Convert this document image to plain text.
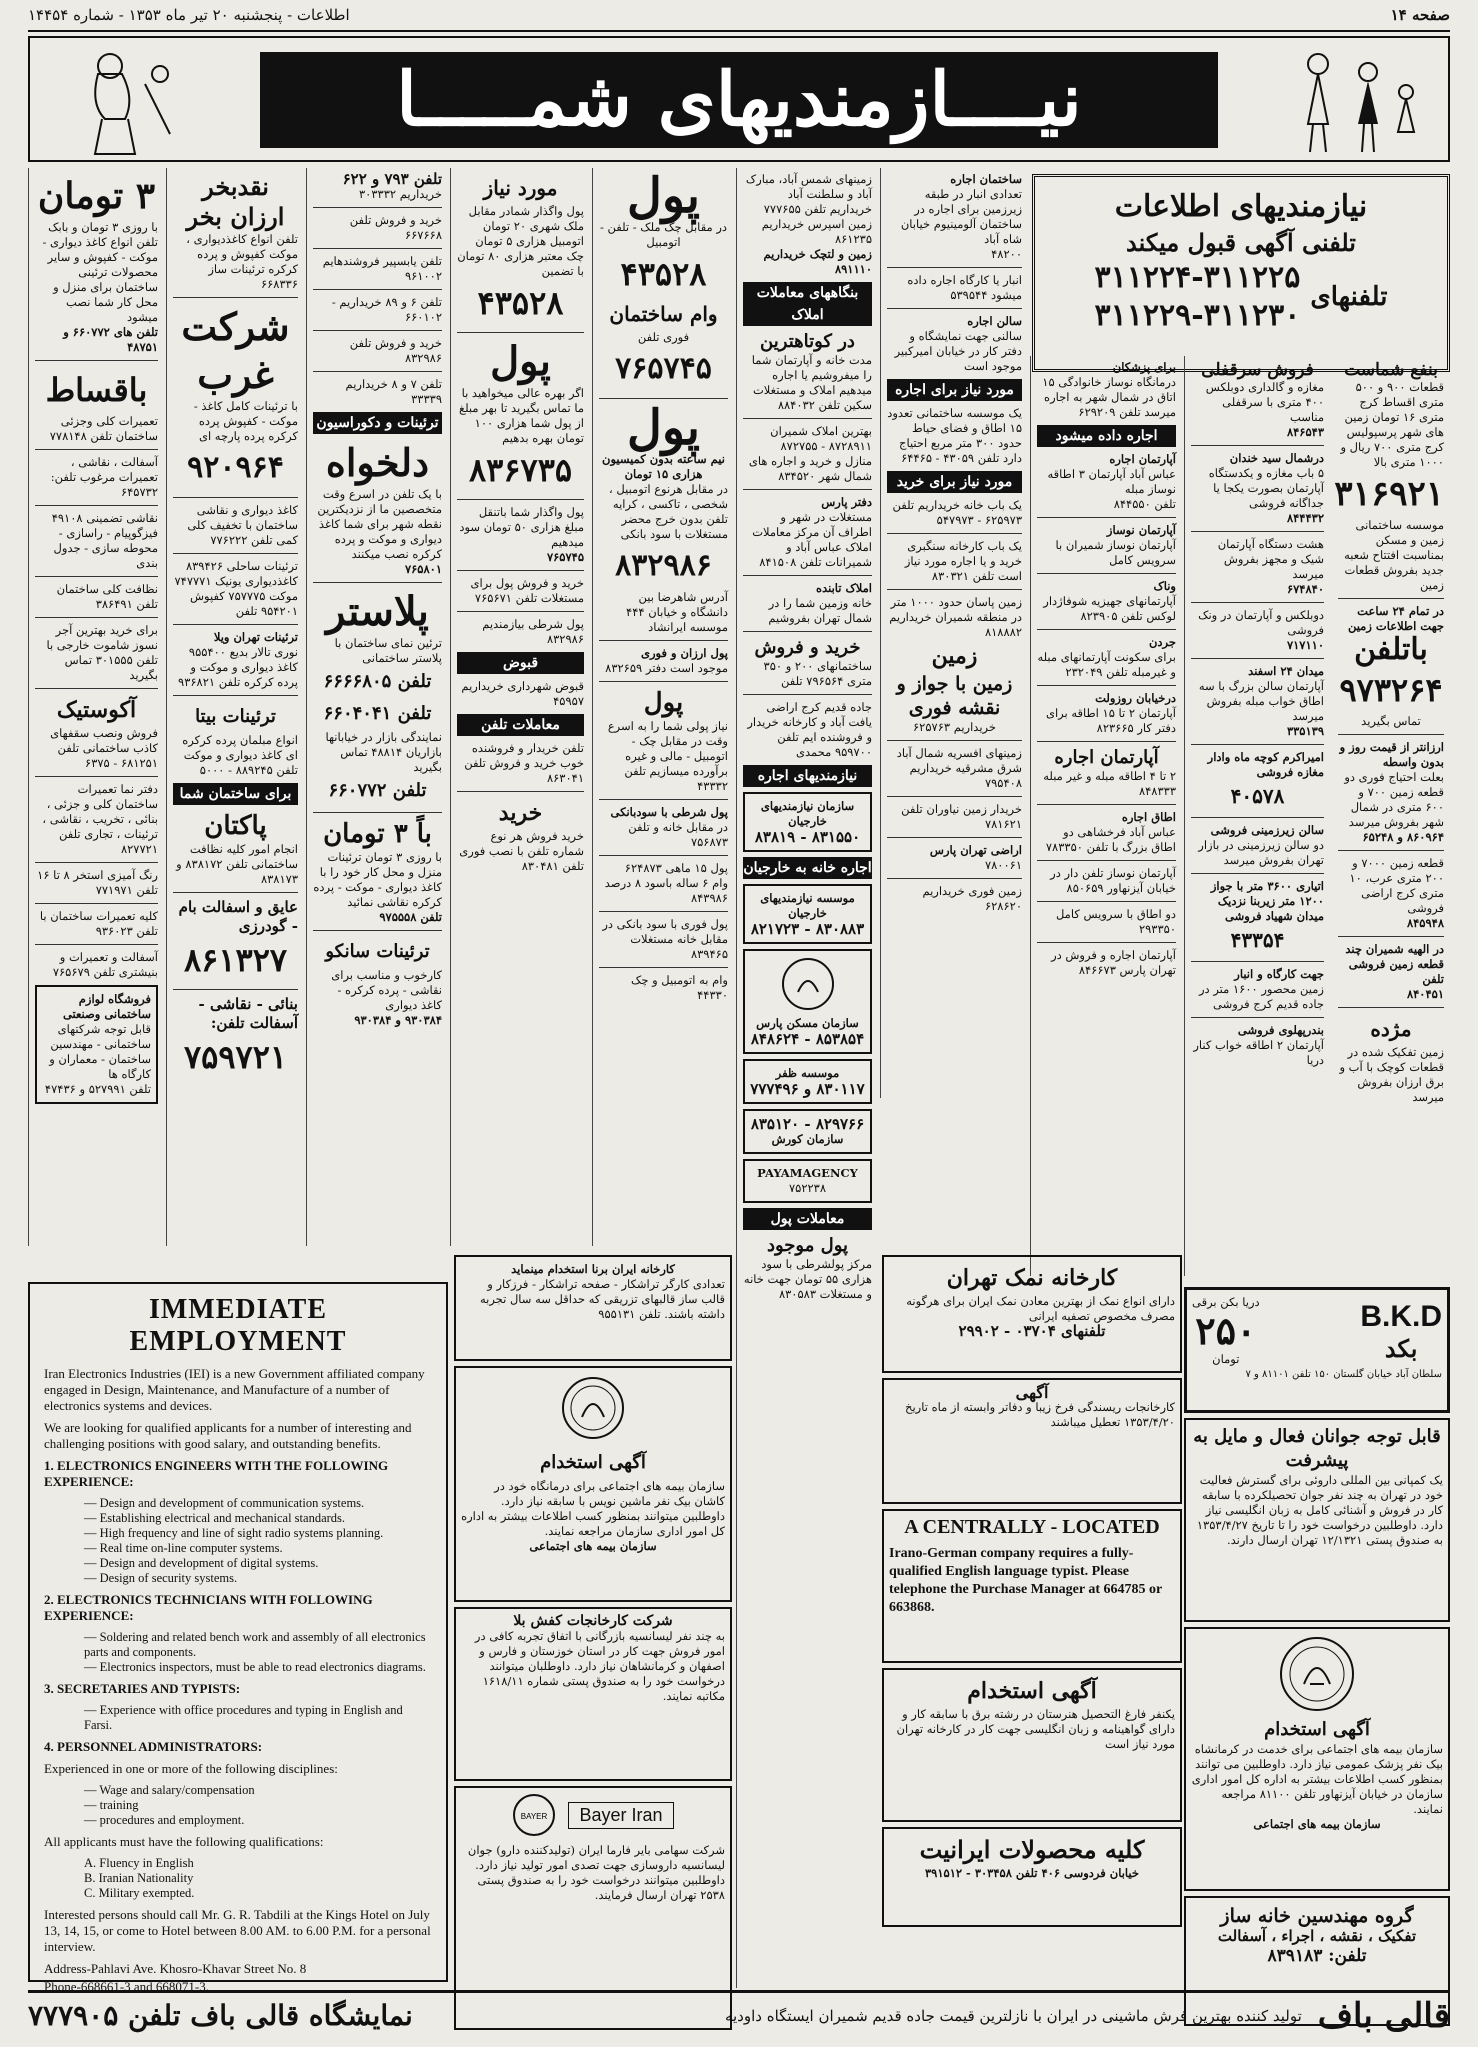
صفحه ۱۴
اطلاعات - پنجشنبه ۲۰ تیر ماه ۱۳۵۳ - شماره ۱۴۴۵۴
نیــــازمندیهای شمـــــا
نیازمندیهای اطلاعات
تلفنی آگهی قبول میکند
تلفنهای
۳۱۱۲۲۴-۳۱۱۲۲۵
۳۱۱۲۲۹-۳۱۱۲۳۰
بنفع شماست
قطعات ۹۰۰ و ۵۰۰ متری اقساط کرج متری ۱۶ تومان زمین های شهر پرسپولیس کرج متری ۷۰۰ ریال و ۱۰۰۰ متری بالا
۳۱۶۹۲۱
موسسه ساختمانی زمین و مسکن بمناسبت افتتاح شعبه جدید بفروش قطعات زمین
در تمام ۲۴ ساعت جهت اطلاعات زمین
باتلفن
۹۷۳۲۶۴
تماس بگیرید
ارزانتر از قیمت روز و بدون واسطه
بعلت احتیاج فوری دو قطعه زمین ۷۰۰ و ۶۰۰ متری در شمال شهر بفروش میرسد
۸۶۰۹۶۴ و ۶۵۲۴۸
قطعه زمین ۷۰۰۰ و ۲۰۰ متری عرب، ۱۰ متری کرج اراضی فروشی
۸۴۵۹۴۸
در الهیه شمیران چند قطعه زمین فروشی تلفن
۸۴۰۴۵۱
مژده
زمین تفکیک شده در قطعات کوچک با آب و برق ارزان بفروش میرسد
فروش سرقفلی
مغازه و گالداری دوبلکس ۴۰۰ متری با سرقفلی مناسب
۸۴۶۵۴۳
درشمال سید خندان
۵ باب مغازه و یکدستگاه آپارتمان بصورت یکجا یا جداگانه فروشی
۸۴۴۴۳۲
هشت دستگاه آپارتمان شیک و مجهز بفروش میرسد
۶۷۴۸۴۰
دوبلکس و آپارتمان در ونک فروشی
۷۱۷۱۱۰
میدان ۲۴ اسفند
آپارتمان سالن بزرگ با سه اطاق خواب مبله بفروش میرسد
۳۳۵۱۳۹
امیراکرم کوچه ماه وادار مغازه فروشی
۴۰۵۷۸
سالن زیرزمینی فروشی
دو سالن زیرزمینی در بازار تهران بفروش میرسد
اتیاری ۳۶۰۰ متر با جواز ۱۲۰۰ متر زیربنا نزدیک میدان شهیاد فروشی
۴۳۳۵۴
جهت کارگاه و انبار
زمین محصور ۱۶۰۰ متر در جاده قدیم کرج فروشی
بندرپهلوی فروشی
آپارتمان ۲ اطاقه خواب کنار دریا
برای پزشکان
درمانگاه نوساز خانوادگی ۱۵ اتاق در شمال شهر به اجاره میرسد تلفن ۶۲۹۲۰۹
اجاره داده میشود
آپارتمان اجاره
عباس آباد آپارتمان ۳ اطاقه نوساز مبله
تلفن ۸۴۴۵۵۰
آپارتمان نوساز
آپارتمان نوساز شمیران با سرویس کامل
وناک
آپارتمانهای جهیزیه شوفاژدار لوکس تلفن ۸۲۳۹۰۵
جردن
برای سکونت آپارتمانهای مبله و غیرمبله تلفن ۲۳۲۰۴۹
درخیابان روزولت
آپارتمان ۲ تا ۱۵ اطاقه برای دفتر کار ۸۲۳۶۶۵
آپارتمان اجاره
۲ تا ۴ اطاقه مبله و غیر مبله ۸۴۸۳۳۳
اطاق اجاره
عباس آباد فرخشاهی دو اطاق بزرگ با تلفن ۷۸۳۳۵۰
آپارتمان نوساز تلفن دار در خیابان آیزنهاور ۸۵۰۶۵۹
دو اطاق با سرویس کامل ۲۹۳۳۵۰
آپارتمان اجاره و فروش در تهران پارس ۸۴۶۶۷۳
ساختمان اجاره
تعدادی انبار در طبقه زیرزمین برای اجاره در ساختمان آلومینیوم خیابان شاه آباد
۴۸۲۰۰
انبار یا کارگاه اجاره داده میشود ۵۳۹۵۴۴
سالن اجاره
سالنی جهت نمایشگاه و دفتر کار در خیابان امیرکبیر موجود است
مورد نیاز برای اجاره
یک موسسه ساختمانی تعدود ۱۵ اطاق و فضای حیاط حدود ۳۰۰ متر مربع احتیاج دارد تلفن ۴۳۰۵۹ - ۶۴۴۶۵
مورد نیاز برای خرید
یک باب خانه خریداریم تلفن ۶۲۵۹۷۳ - ۵۴۷۹۷۳
یک باب کارخانه سنگبری خرید و یا اجاره مورد نیاز است تلفن ۸۳۰۳۲۱
زمین پاسان حدود ۱۰۰۰ متر در منطقه شمیران خریداریم ۸۱۸۸۸۲
زمین
زمین با جواز و نقشه فوری
خریداریم ۶۲۵۷۶۳
زمینهای افسریه شمال آباد شرق مشرقیه خریداریم ۷۹۵۴۰۸
خریدار زمین نیاوران تلفن ۷۸۱۶۲۱
اراضی تهران پارس
۷۸۰۰۶۱
زمین فوری خریداریم ۶۲۸۶۲۰
زمینهای شمس آباد، مبارک آباد و سلطنت آباد خریداریم تلفن ۷۷۷۶۵۵
زمین اسپرس خریداریم ۸۶۱۲۳۵
زمین و لتچک خریداریم ۸۹۱۱۱۰
بنگاههای معاملات املاک
در کوتاهترین
مدت خانه و آپارتمان شما را میفروشیم یا اجاره میدهیم املاک و مستغلات سکین تلفن ۸۸۴۰۳۲
بهترین املاک شمیران ۸۷۲۸۹۱۱ - ۸۷۲۷۵۵
منازل و خرید و اجاره های شمال شهر ۸۳۴۵۲۰
دفتر پارس
مستغلات در شهر و اطراف آن مرکز معاملات املاک عباس آباد و شمیرانات تلفن ۸۴۱۵۰۸
املاک تابنده
خانه وزمین شما را در شمال تهران بفروشیم
خرید و فروش
ساختمانهای ۲۰۰ و ۳۵۰ متری ۷۹۶۵۶۴ تلفن
جاده قدیم کرج اراضی یافت آباد و کارخانه خریدار و فروشنده ایم تلفن ۹۵۹۷۰۰ محمدی
نیازمندیهای اجاره
سازمان نیازمندیهای خارجیان
۸۳۱۵۵۰ - ۸۳۸۱۹
اجاره خانه به خارجیان
موسسه نیازمندیهای خارجیان
۸۳۰۸۸۳ - ۸۲۱۷۲۳
سازمان مسکن پارس
۸۵۳۸۵۴ - ۸۴۸۶۲۴
موسسه ظفر
۸۳۰۱۱۷ و ۷۷۷۴۹۶
۸۲۹۷۶۶ - ۸۳۵۱۲۰
سازمان کورش
PAYAMAGENCY
۷۵۲۲۳۸
معاملات پول
پول موجود
مرکز پولشرطی با سود هزاری ۵۵ تومان جهت خانه و مستغلات ۸۳۰۵۸۳
پول
در مقابل چک ملک - تلفن - اتومبیل
۴۳۵۲۸
وام ساختمان
فوری تلفن
۷۶۵۷۴۵
پول
نیم ساعته بدون کمیسیون هزاری ۱۵ تومان
در مقابل هرنوع اتومبیل ، شخصی ، تاکسی ، کرایه تلفن بدون خرج محضر مستغلات با سود بانکی
۸۳۲۹۸۶
آدرس شاهرضا بین دانشگاه و خیابان ۴۴۴ موسسه ایرانشاد
پول ارزان و فوری
موجود است دفتر ۸۳۲۶۵۹
پول
نیاز پولی شما را به اسرع وقت در مقابل چک - اتومبیل - مالی و غیره برآورده میسازیم تلفن ۴۳۳۳۲
پول شرطی با سودبانکی
در مقابل خانه و تلفن ۷۵۶۸۷۳
پول ۱۵ ماهی ۶۲۴۸۷۳
وام ۶ ساله باسود ۸ درصد ۸۴۳۹۸۶
پول فوری با سود بانکی در مقابل خانه مستغلات ۸۳۹۴۶۵
وام به اتومبیل و چک ۴۴۳۳۰
مورد نیاز
پول واگذار شمادر مقابل ملک شهری ۲۰ تومان اتومبیل هزاری ۵ تومان چک معتبر هزاری ۸۰ تومان با تضمین
۴۳۵۲۸
پول
اگر بهره عالی میخواهید با ما تماس بگیرید تا بهر مبلغ از پول شما هزاری ۱۰۰ تومان بهره بدهیم
۸۳۶۷۳۵
پول واگذار شما باتنقل مبلغ هزاری ۵۰ تومان سود میدهیم
۷۶۵۷۴۵
خرید و فروش پول برای مستغلات تلفن ۷۶۵۶۷۱
پول شرطی بیازمندیم ۸۳۲۹۸۶
قبوض
قبوض شهرداری خریداریم ۴۵۹۵۷
معاملات تلفن
تلفن خریدار و فروشنده خوب خرید و فروش تلفن ۸۶۳۰۴۱
خرید
خرید فروش هر نوع شماره تلفن با نصب فوری تلفن ۸۳۰۴۸۱
تلفن ۷۹۳ و ۶۲۲
خریداریم ۳۰۳۳۳۲
خرید و فروش تلفن ۶۶۷۶۶۸
تلفن یابسپیر فروشندهایم ۹۶۱۰۰۲
تلفن ۶ و ۸۹ خریداریم - ۶۶۰۱۰۲
خرید و فروش تلفن ۸۳۲۹۸۶
تلفن ۷ و ۸ خریداریم ۳۳۳۳۹
ترئینات و دکوراسیون
دلخواه
با یک تلفن در اسرع وقت متخصصین ما از نزدیکترین نقطه شهر برای شما کاغذ دیواری و موکت و پرده کرکره نصب میکنند
۷۶۵۸۰۱
پلاستر
ترئین نمای ساختمان با پلاستر ساختمانی
تلفن ۶۶۶۶۸۰۵
تلفن ۶۶۰۴۰۴۱
نمایندگی بازار در خیابانها بازاریان ۴۸۸۱۴ تماس بگیرید
تلفن ۶۶۰۷۷۲
باً ۳ تومان
با روزی ۳ تومان ترئینات منزل و محل کار خود را با کاغذ دیواری - موکت - پرده کرکره نقاشی نمائید
تلفن ۹۷۵۵۵۸
ترئینات سانکو
کارخوب و مناسب برای نقاشی - پرده کرکره - کاغذ دیواری
۹۳۰۳۸۴ و ۹۳۰۳۸۴
نقدبخر ارزان بخر
تلفن انواع کاغذدیواری ، موکت کفپوش و پرده کرکره ترئینات ساز ۶۶۸۳۳۶
شرکت غرب
با ترئینات کامل کاغذ - موکت - کفپوش پرده کرکره پرده پارچه ای
۹۲۰۹۶۴
کاغذ دیواری و نقاشی ساختمان با تخفیف کلی کمی تلفن ۷۷۶۲۲۲
ترئینات ساحلی ۸۳۹۴۲۶ کاغذدیواری یونیک ۷۴۷۷۷۱ موکت ۷۵۷۷۷۵ کفپوش ۹۵۴۲۰۱ تلفن
ترئینات تهران ویلا
نوری تالار بدیع ۹۵۵۴۰۰ کاغذ دیواری و موکت و پرده کرکره تلفن ۹۳۶۸۲۱
ترئینات بیتا
انواع مبلمان پرده کرکره ای کاغذ دیواری و موکت تلفن ۸۸۹۲۴۵ - ۵۰۰۰
برای ساختمان شما
پاکتان
انجام امور کلیه نظافت ساختمانی تلفن ۸۳۸۱۷۲ و ۸۳۸۱۷۳
عایق و اسفالت بام - گودرزی
۸۶۱۳۲۷
بنائی - نقاشی - آسفالت تلفن:
۷۵۹۷۲۱
۳ تومان
با روزی ۳ تومان و بابک تلفن انواع کاغذ دیواری - موکت - کفپوش و سایر محصولات ترئینی ساختمان برای منزل و محل کار شما نصب میشود
تلفن های ۶۶۰۷۷۲ و ۴۸۷۵۱
باقساط
تعمیرات کلی وجزئی ساختمان تلفن ۷۷۸۱۴۸
آسفالت ، نقاشی ، تعمیرات مرغوب تلفن: ۶۴۵۷۳۲
نقاشی تضمینی ۴۹۱۰۸ فیزگوپیام - راسازی - محوطه سازی - جدول بندی
نظافت کلی ساختمان تلفن ۳۸۶۴۹۱
برای خرید بهترین آجر نسوز شاموت خارجی با تلفن ۳۰۱۵۵۵ تماس بگیرید
آکوستیک
فروش ونصب سقفهای کاذب ساختمانی تلفن ۶۸۱۲۵۱ - ۶۳۷۵
دفتر نما تعمیرات ساختمان کلی و جزئی ، بنائی ، تخریب ، نقاشی ، ترئینات ، تجاری تلفن ۸۲۷۷۲۱
رنگ آمیزی استخر ۸ تا ۱۶ تلفن ۷۷۱۹۷۱
کلیه تعمیرات ساختمان با تلفن ۹۳۶۰۲۳
آسفالت و تعمیرات و بنیشتری تلفن ۷۶۵۶۷۹
فروشگاه لوازم ساختمانی وصنعتی
قابل توجه شرکتهای ساختمانی - مهندسین ساختمان - معماران و کارگاه ها
تلفن ۵۲۷۹۹۱ و ۴۷۴۳۶
IMMEDIATE EMPLOYMENT

Iran Electronics Industries (IEI) is a new Government affiliated company engaged in Design, Maintenance, and Manufacture of a number of electronics systems and devices.

We are looking for qualified applicants for a number of interesting and challenging positions with good salary, and outstanding benefits.

1. ELECTRONICS ENGINEERS WITH THE FOLLOWING EXPERIENCE:

— Design and development of communication systems.
— Establishing electrical and mechanical standards.
— High frequency and line of sight radio systems planning.
— Real time on-line computer systems.
— Design and development of digital systems.
— Design of security systems.

2. ELECTRONICS TECHNICIANS WITH FOLLOWING EXPERIENCE:

— Soldering and related bench work and assembly of all electronics parts and components.
— Electronics inspectors, must be able to read electronics diagrams.

3. SECRETARIES AND TYPISTS:

— Experience with office procedures and typing in English and Farsi.

4. PERSONNEL ADMINISTRATORS:

Experienced in one or more of the following disciplines:

— Wage and salary/compensation
— training
— procedures and employment.

All applicants must have the following qualifications:

A. Fluency in English
B. Iranian Nationality
C. Military exempted.

Interested persons should call Mr. G. R. Tabdili at the Kings Hotel on July 13, 14, 15, or come to Hotel between 8.00 AM. to 6.00 P.M. for a personal interview.

Address-Pahlavi Ave. Khosro-Khavar Street No. 8

Phone-668661-3 and 668071-3.

کارخانه ایران برنا استخدام مینماید
تعدادی کارگر تراشکار - صفحه تراشکار - فرزکار و قالب ساز قالبهای تزریقی که حداقل سه سال تجربه داشته باشند. تلفن ۹۵۵۱۳۱
آگهی استخدام
سازمان بیمه های اجتماعی برای درمانگاه خود در کاشان بیک نفر ماشین نویس با سابقه نیاز دارد. داوطلبین میتوانند بمنظور کسب اطلاعات بیشتر به اداره کل امور اداری سازمان مراجعه نمایند.
سازمان بیمه های اجتماعی
شرکت کارخانجات کفش بلا
به چند نفر لیسانسیه بازرگانی با اتفاق تجربه کافی در امور فروش جهت کار در استان خوزستان و فارس و اصفهان و کرمانشاهان نیاز دارد. داوطلبان میتوانند درخواست خود را به صندوق پستی شماره ۱۶۱۸/۱۱ مکاتبه نمایند.
BAYER	Bayer Iran
شرکت سهامی بایر فارما ایران (تولیدکننده دارو) جوان لیسانسیه داروسازی جهت تصدی امور تولید نیاز دارد. داوطلبین میتوانند درخواست خود را به صندوق پستی ۲۵۳۸ تهران ارسال فرمایند.
کارخانه نمک تهران
دارای انواع نمک از بهترین معادن نمک ایران برای هرگونه مصرف مخصوص تصفیه ایرانی
تلفنهای ۰۳۷۰۴ - ۲۹۹۰۲
آگهی
کارخانجات ریسندگی فرخ زیبا و دفاتر وابسته از ماه تاریخ ۱۳۵۳/۴/۲۰ تعطیل میباشند
A CENTRALLY - LOCATED
Irano-German company requires a fully-qualified English language typist. Please telephone the Purchase Manager at 664785 or 663868.
آگهی استخدام
یکنفر فارغ التحصیل هنرستان در رشته برق با سابقه کار و دارای گواهینامه و زبان انگلیسی جهت کار در کارخانه تهران مورد نیاز است
کلیه محصولات ایرانیت
خیابان فردوسی ۴۰۶ تلفن ۳۰۳۴۵۸ - ۳۹۱۵۱۲
B.K.D
بکد
دریا بکن برقی
۲۵۰
تومان
سلطان آباد خیابان گلستان ۱۵۰ تلفن ۸۱۱۰۱ و ۷
قابل توجه جوانان فعال و مایل به پیشرفت
یک کمپانی بین المللی داروئی برای گسترش فعالیت خود در تهران به چند نفر جوان تحصیلکرده با سابقه کار در فروش و آشنائی کامل به زبان انگلیسی نیاز دارد. داوطلبین درخواست خود را تا تاریخ ۱۳۵۳/۴/۲۷ به صندوق پستی ۱۲/۱۳۲۱ تهران ارسال دارند.
آگهی استخدام
سازمان بیمه های اجتماعی برای خدمت در کرمانشاه بیک نفر پزشک عمومی نیاز دارد. داوطلبین می توانند بمنظور کسب اطلاعات بیشتر به اداره کل امور اداری سازمان در خیابان آیزنهاور تلفن ۸۱۱۰۰ مراجعه نمایند.
سازمان بیمه های اجتماعی
گروه مهندسین خانه ساز
تفکیک ، نقشه ، اجراء ، آسفالت
تلفن: ۸۳۹۱۸۳
قالی باف
تولید کننده بهترین فرش ماشینی در ایران با نازلترین قیمت جاده قدیم شمیران ایستگاه داودیه
نمایشگاه قالی باف تلفن ۷۷۷۹۰۵
